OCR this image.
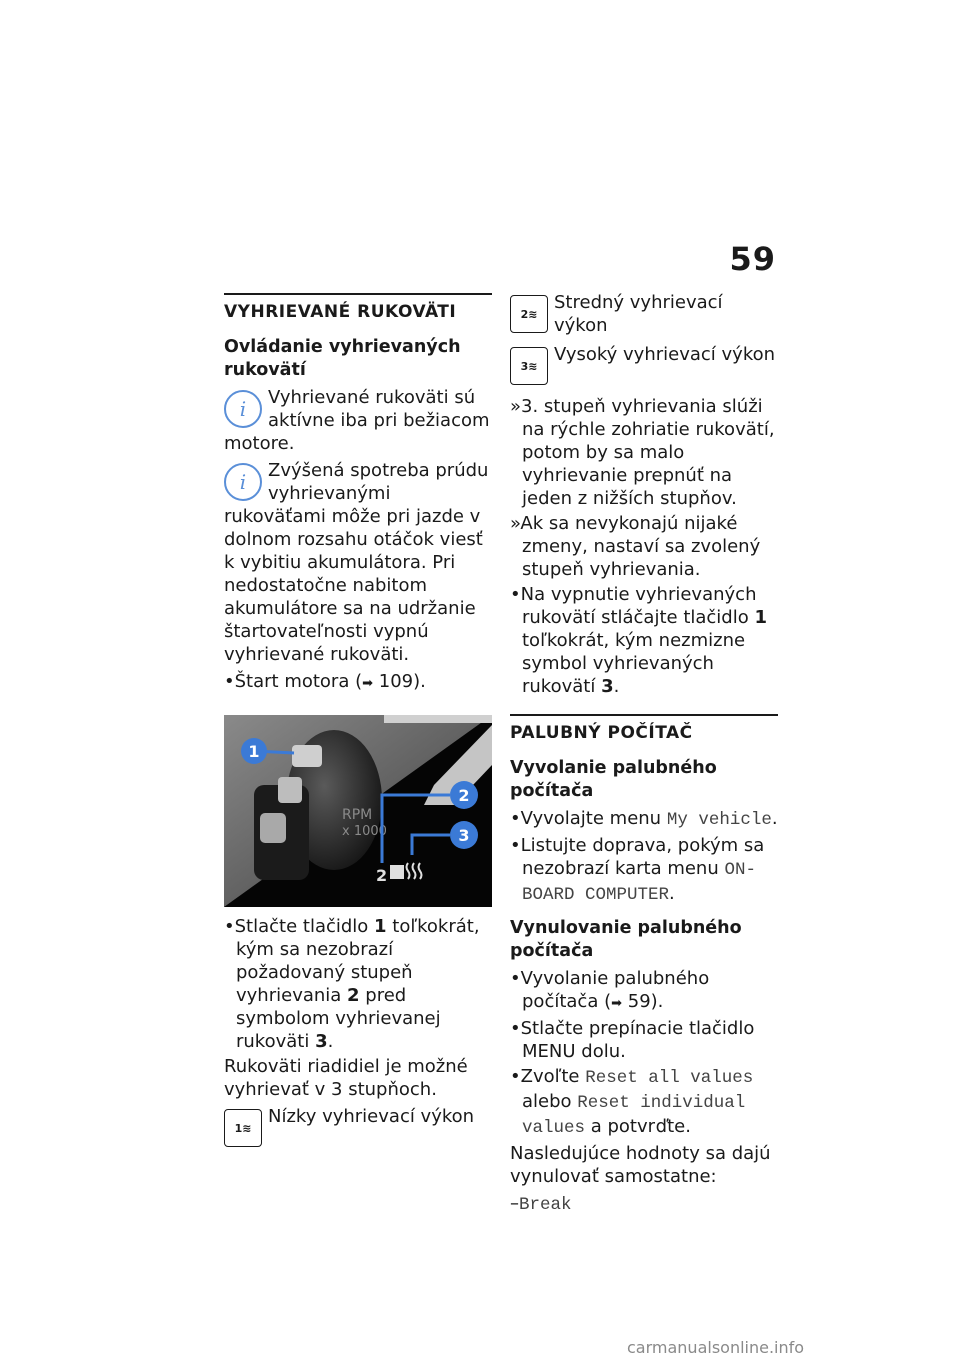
59
VYHRIEVANÉ RUKOVÄTI
Ovládanie vyhrievaných rukovätí
i	Vyhrievané rukoväti sú aktívne iba pri bežiacom motore.
i	Zvýšená spotreba prúdu vyhrievanými rukoväťami môže pri jazde v dolnom rozsahu otáčok viesť k vybitiu akumulátora. Pri nedostatočne nabitom akumulátore sa na udržanie štartovateľnosti vypnú vyhrievané rukoväti.

•Štart motora (➡ 109).

1
RPM
x 1000
2
3
2

•Stlačte tlačidlo 1 toľkokrát, kým sa nezobrazí požadovaný stupeň vyhrievania 2 pred symbolom vyhrievanej rukoväti 3.

Rukoväti riadidiel je možné vyhrievať v 3 stupňoch.

1 ≋
Nízky vyhrievací výkon
2 ≋
Stredný vyhrievací výkon
3 ≋
Vysoký vyhrievací výkon

»3. stupeň vyhrievania slúži na rýchle zohriatie rukovätí, potom by sa malo vyhrievanie prepnúť na jeden z nižších stupňov.

»Ak sa nevykonajú nijaké zmeny, nastaví sa zvolený stupeň vyhrievania.

•Na vypnutie vyhrievaných rukovätí stláčajte tlačidlo 1 toľkokrát, kým nezmizne symbol vyhrievaných rukovätí 3.

PALUBNÝ POČÍTAČ
Vyvolanie palubného počítača

•Vyvolajte menu My vehicle.

•Listujte doprava, pokým sa nezobrazí karta menu ON-BOARD COMPUTER.

Vynulovanie palubného počítača

•Vyvolanie palubného počítača (➡ 59).

•Stlačte prepínacie tlačidlo MENU dolu.

•Zvoľte Reset all values alebo Reset individual values a potvrďte.

Nasledujúce hodnoty sa dajú vynulovať samostatne:

–Break

carmanualsonline.info
